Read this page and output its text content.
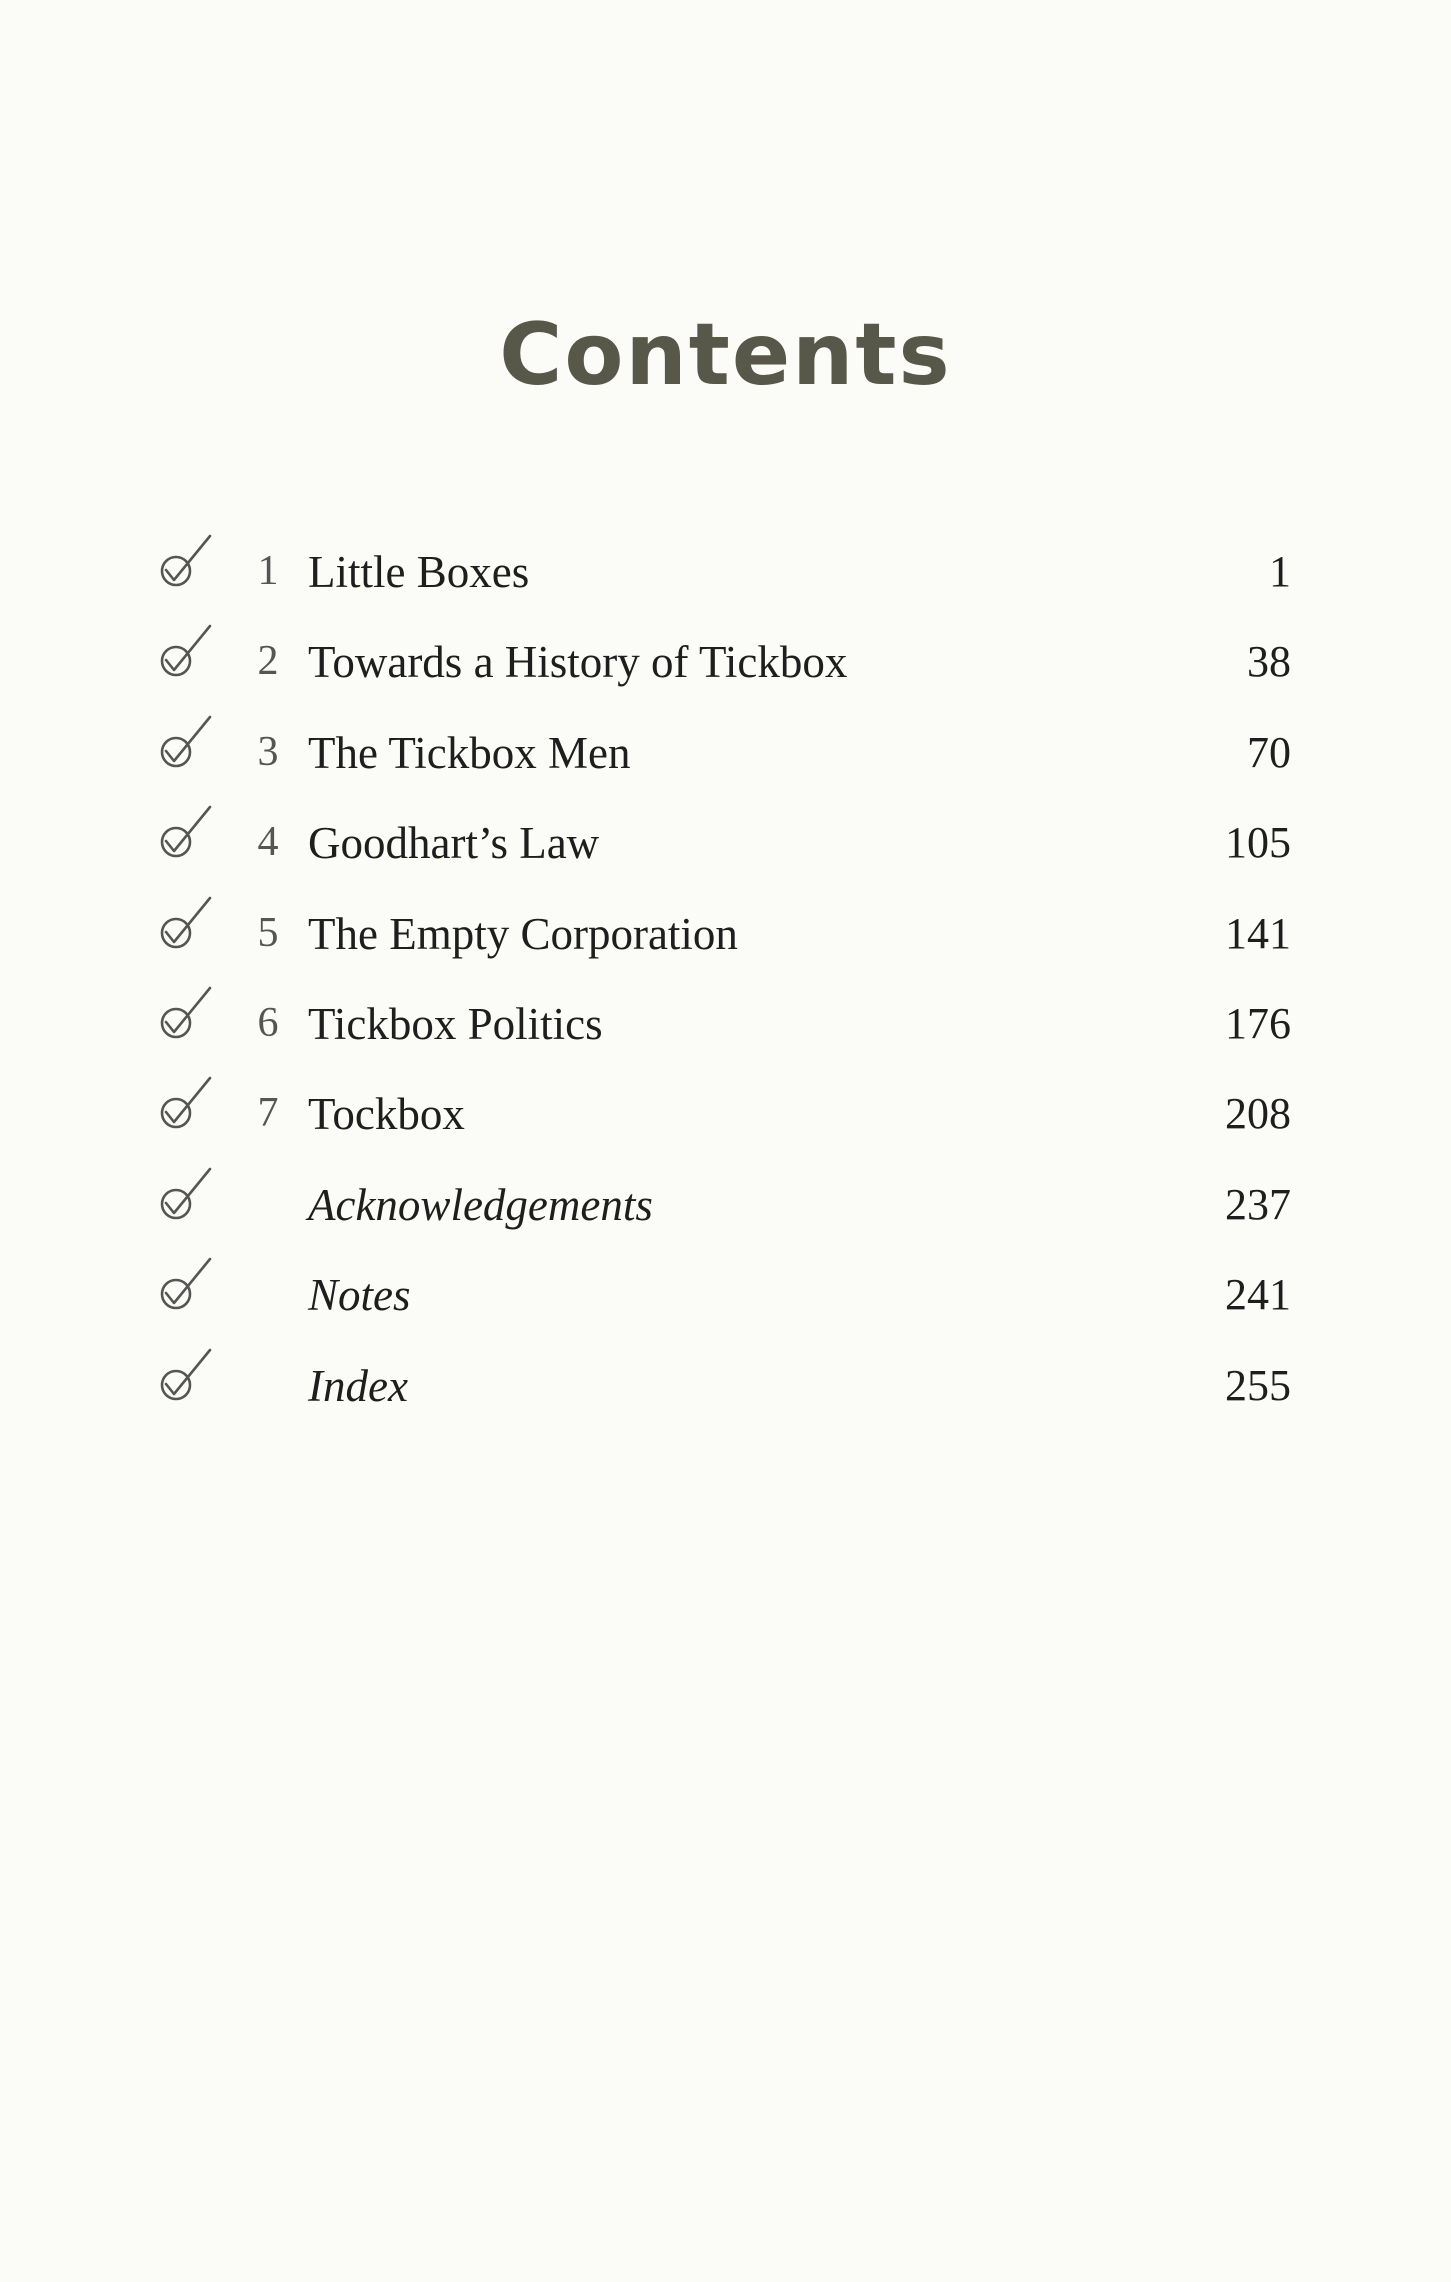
Contents
1 Little Boxes	1
2 Towards a History of Tickbox	38
3 The Tickbox Men	70
4 Goodhart’s Law	105
5 The Empty Corporation	141
6 Tickbox Politics	176
7 Tockbox	208
Acknowledgements	237
Notes	241
Index	255
